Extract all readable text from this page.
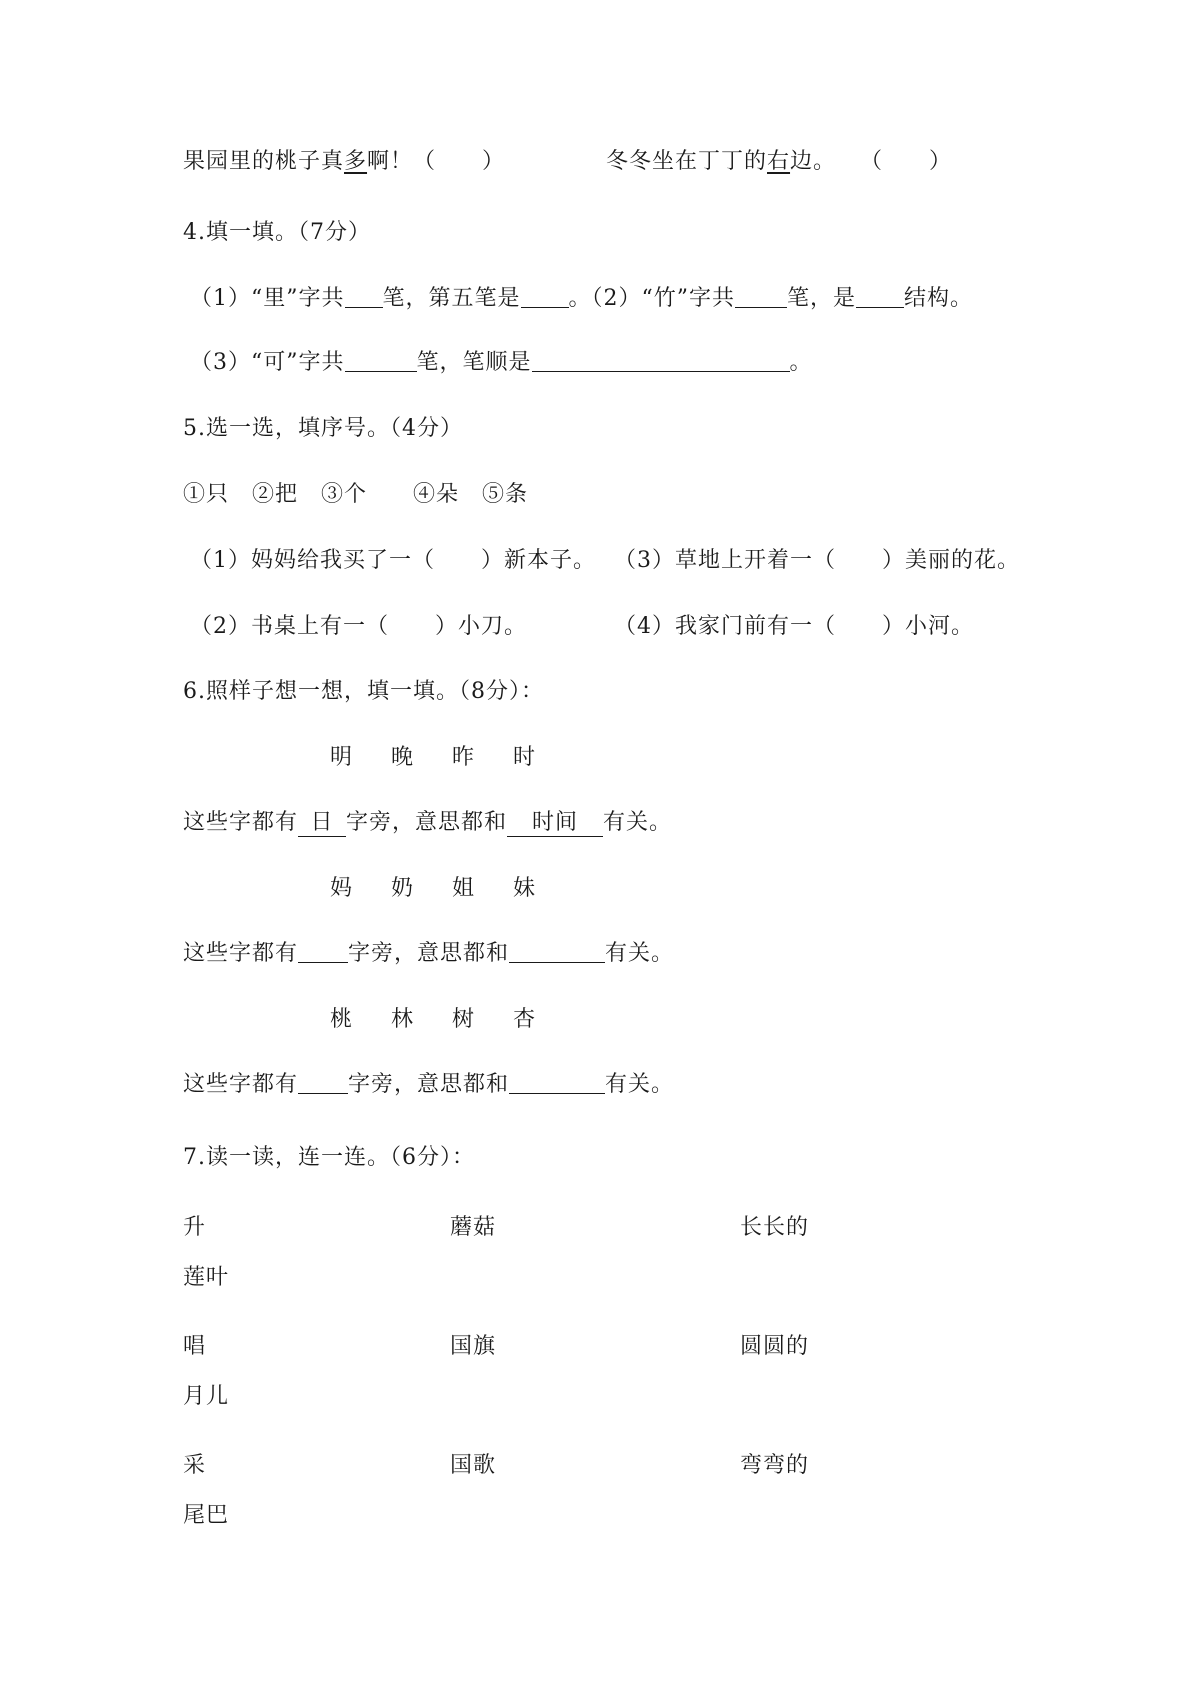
果园里的桃子真多啊！（　　）	冬冬坐在丁丁的右边。　　（　　）
4.填一填。（7分）
（1）“里”字共 笔，第五笔是 。（2）“竹”字共 笔，是 结构。
（3）“可”字共	笔，笔顺是	。
5.选一选，填序号。（4分）
①只　②把　③个　　④朵　⑤条
（1）妈妈给我买了一（　　）新本子。 （3）草地上开着一（　　）美丽的花。
（2）书桌上有一（　　）小刀。	（4）我家门前有一（　　）小河。
6.照样子想一想，填一填。（8分）：
明 晚 昨 时
这些字都有 日 字旁，意思都和 时间 有关。
妈 奶 姐 妹
这些字都有 字旁，意思都和	有关。
桃 林 树 杏
这些字都有 字旁，意思都和	有关。
7.读一读，连一连。（6分）：
升	蘑菇	长长的
莲叶
唱	国旗	圆圆的
月儿
采	国歌	弯弯的
尾巴
